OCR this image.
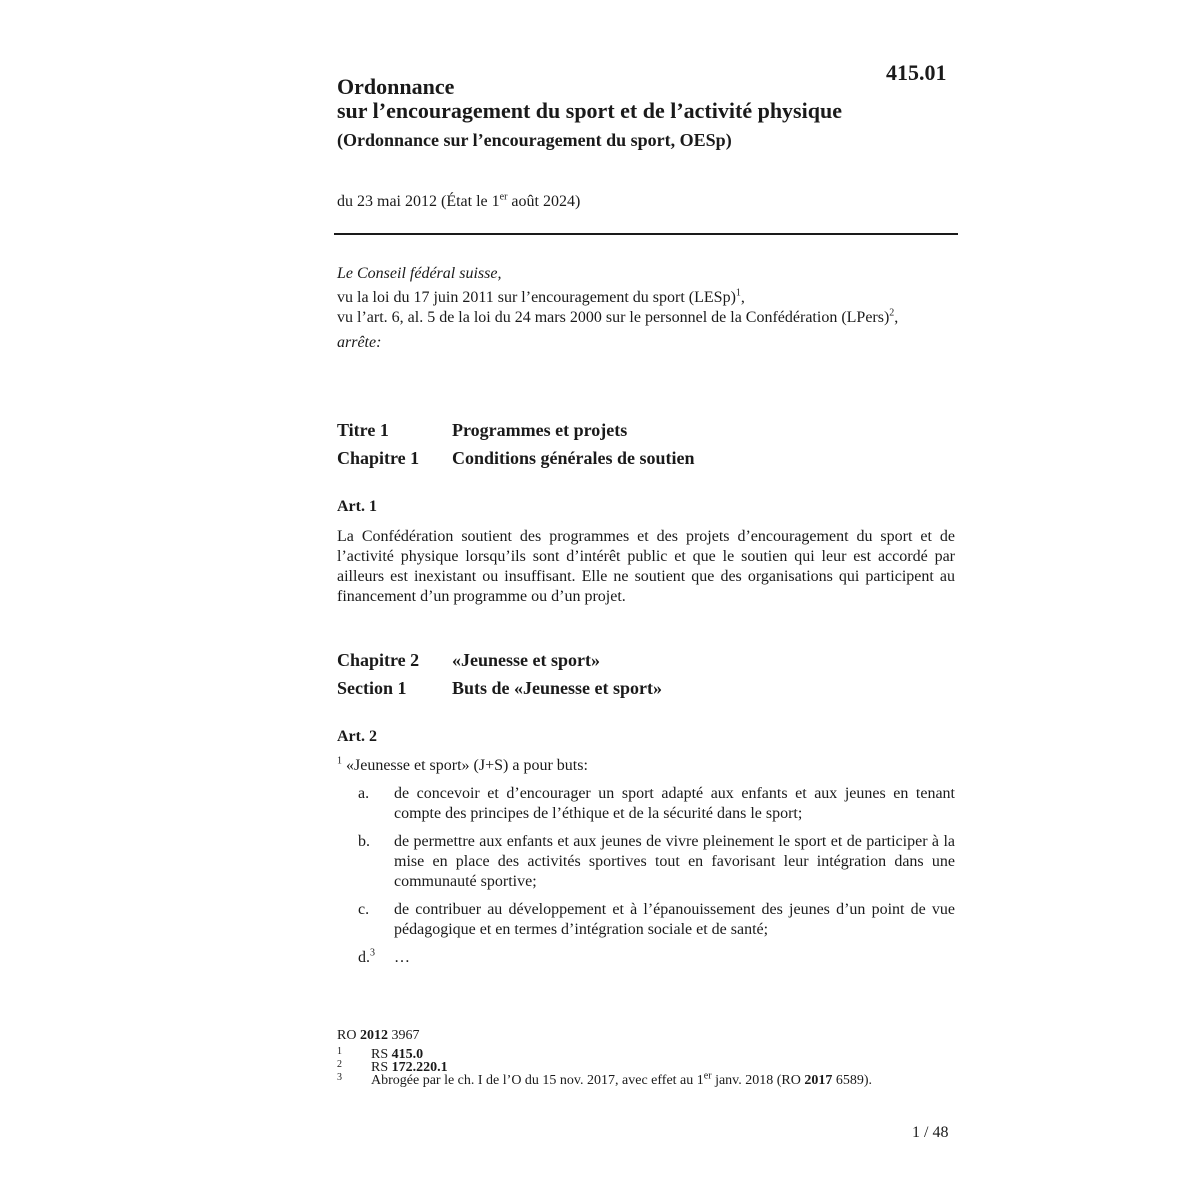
415.01
Ordonnance
sur l’encouragement du sport et de l’activité physique
(Ordonnance sur l’encouragement du sport, OESp)
du 23 mai 2012 (État le 1er août 2024)

Le Conseil fédéral suisse,

vu la loi du 17 juin 2011 sur l’encouragement du sport (LESp)$^1$,

vu l’art. 6, al. 5 de la loi du 24 mars 2000 sur le personnel de la Confédération (LPers)$^2$,

arrête:

Titre 1	Programmes et projets
Chapitre 1 Conditions générales de soutien
Art. 1
La Confédération soutient des programmes et des projets d’encouragement du sport et de l’activité physique lorsqu’ils sont d’intérêt public et que le soutien qui leur est accordé par ailleurs est inexistant ou insuffisant. Elle ne soutient que des organisations qui participent au financement d’un programme ou d’un projet.
Chapitre 2 «Jeunesse et sport»
Section 1	Buts de «Jeunesse et sport»
Art. 2
$^1$ «Jeunesse et sport» (J+S) a pour buts:
a. de concevoir et d’encourager un sport adapté aux enfants et aux jeunes en tenant compte des principes de l’éthique et de la sécurité dans le sport;
b. de permettre aux enfants et aux jeunes de vivre pleinement le sport et de participer à la mise en place des activités sportives tout en favorisant leur intégration dans une communauté sportive;
c. de contribuer au développement et à l’épanouissement des jeunes d’un point de vue pédagogique et en termes d’intégration sociale et de santé;
d.$^3$ …
RO 2012 3967
1 RS 415.0
2 RS 172.220.1
3 Abrogée par le ch. I de l’O du 15 nov. 2017, avec effet au 1er janv. 2018 (RO 2017 6589).
1 / 48
